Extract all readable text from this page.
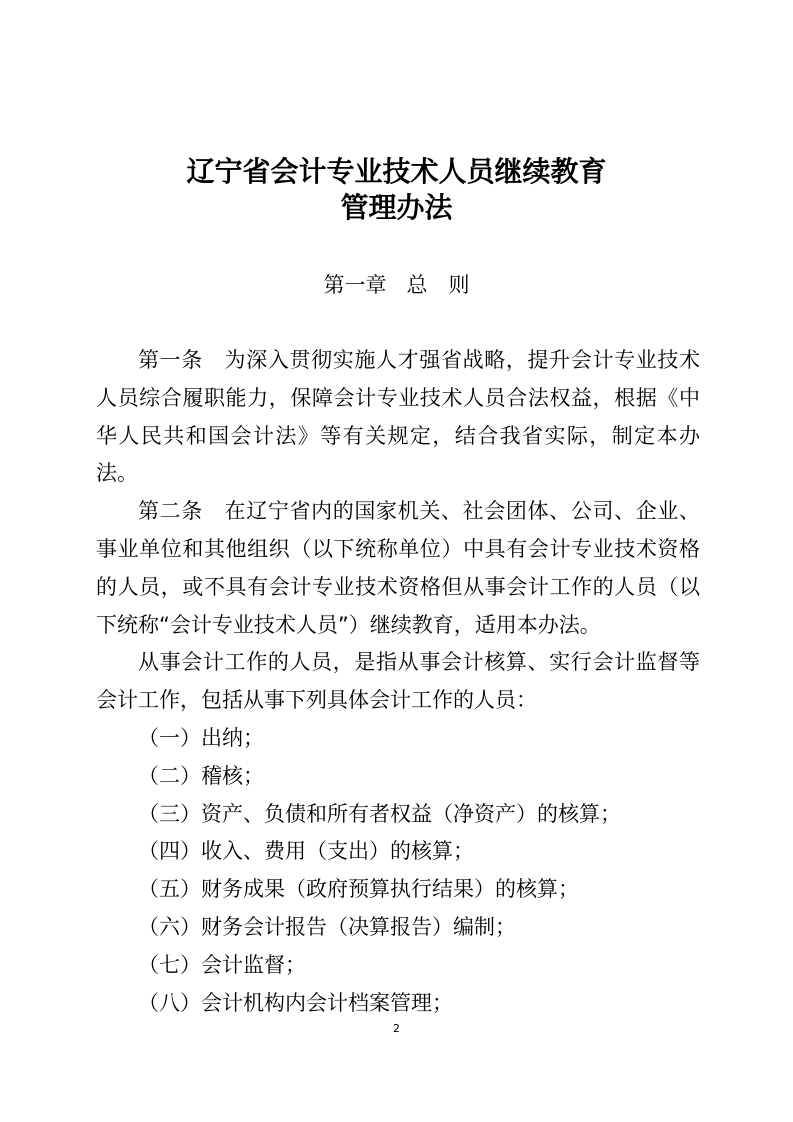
辽宁省会计专业技术人员继续教育
管理办法
第一章 总　则

第一条 为深入贯彻实施人才强省战略，提升会计专业技术人员综合履职能力，保障会计专业技术人员合法权益，根据《中华人民共和国会计法》等有关规定，结合我省实际，制定本办法。

第二条 在辽宁省内的国家机关、社会团体、公司、企业、事业单位和其他组织（以下统称单位）中具有会计专业技术资格的人员，或不具有会计专业技术资格但从事会计工作的人员（以下统称“会计专业技术人员”）继续教育，适用本办法。

从事会计工作的人员，是指从事会计核算、实行会计监督等会计工作，包括从事下列具体会计工作的人员：

（一）出纳；

（二）稽核；

（三）资产、负债和所有者权益（净资产）的核算；

（四）收入、费用（支出）的核算；

（五）财务成果（政府预算执行结果）的核算；

（六）财务会计报告（决算报告）编制；

（七）会计监督；

（八）会计机构内会计档案管理；

2
